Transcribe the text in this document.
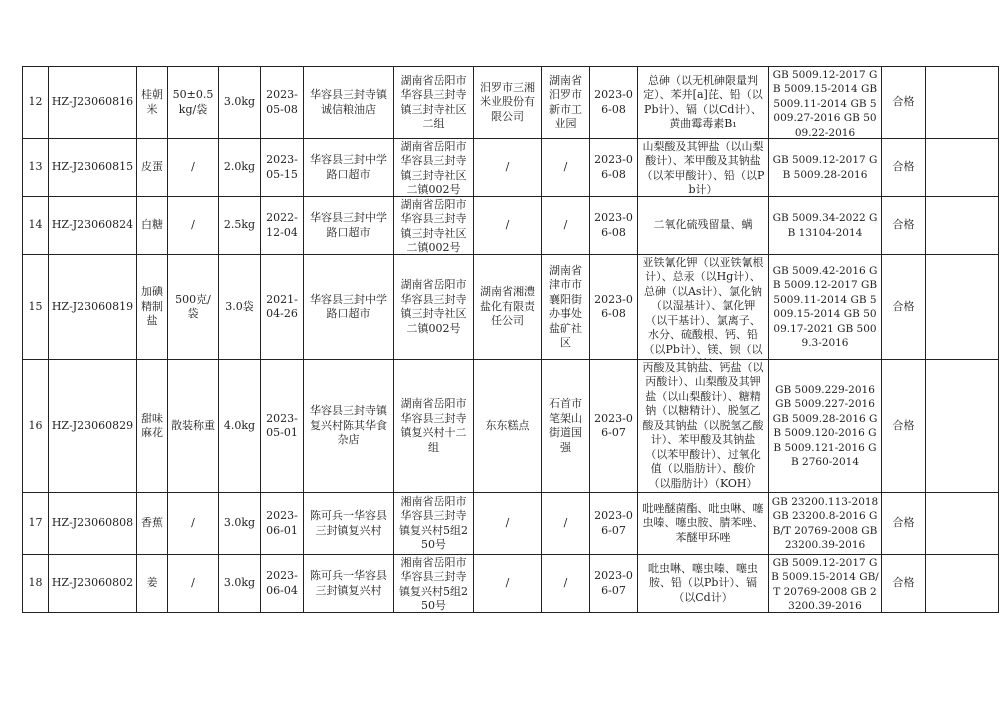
12	HZ-J23060816	桂朝米	50±0.5kg/袋	3.0kg	2023-05-08	华容县三封寺镇诚信粮油店	湖南省岳阳市华容县三封寺镇三封寺社区二组	汨罗市三湘米业股份有限公司	湖南省汨罗市新市工业园	2023-06-08	总砷（以无机砷限量判定）、苯并[a]芘、铅（以Pb计）、镉（以Cd计）、黄曲霉毒素B₁	GB 5009.12-2017 GB 5009.15-2014 GB 5009.11-2014 GB 5009.27-2016 GB 5009.22-2016	合格	

13	HZ-J23060815	皮蛋	/	2.0kg	2023-05-15	华容县三封中学路口超市	湖南省岳阳市华容县三封寺镇三封寺社区二镇002号	/	/	2023-06-08	山梨酸及其钾盐（以山梨酸计）、苯甲酸及其钠盐（以苯甲酸计）、铅（以Pb计）	GB 5009.12-2017 GB 5009.28-2016	合格	

14	HZ-J23060824	白糖	/	2.5kg	2022-12-04	华容县三封中学路口超市	湖南省岳阳市华容县三封寺镇三封寺社区二镇002号	/	/	2023-06-08	二氧化硫残留量、螨	GB 5009.34-2022 GB 13104-2014	合格	

15	HZ-J23060819	加碘精制盐	500克/袋	3.0袋	2021-04-26	华容县三封中学路口超市	湖南省岳阳市华容县三封寺镇三封寺社区二镇002号	湖南省湘澧盐化有限责任公司	湖南省津市市襄阳街办事处盐矿社区	2023-06-08	亚铁氰化钾（以亚铁氰根计）、总汞（以Hg计）、总砷（以As计）、氯化钠（以湿基计）、氯化钾（以干基计）、氯离子、水分、硫酸根、钙、铅（以Pb计）、镁、钡（以	GB 5009.42-2016 GB 5009.12-2017 GB 5009.11-2014 GB 5009.15-2014 GB 5009.17-2021 GB 5009.3-2016	合格	

16	HZ-J23060829	甜味麻花	散装称重	4.0kg	2023-05-01	华容县三封寺镇复兴村陈其华食杂店	湖南省岳阳市华容县三封寺镇复兴村十二组	东东糕点	石首市笔架山街道国强	2023-06-07	丙酸及其钠盐、钙盐（以丙酸计）、山梨酸及其钾盐（以山梨酸计）、糖精钠（以糖精计）、脱氢乙酸及其钠盐（以脱氢乙酸计）、苯甲酸及其钠盐（以苯甲酸计）、过氧化值（以脂肪计）、酸价（以脂肪计）（KOH）	GB 5009.229-2016 GB 5009.227-2016 GB 5009.28-2016 GB 5009.120-2016 GB 5009.121-2016 GB 2760-2014	合格	

17	HZ-J23060808	香蕉	/	3.0kg	2023-06-01	陈可兵一华容县三封镇复兴村	湘南省岳阳市华容县三封寺镇复兴村5组250号	/	/	2023-06-07	吡唑醚菌酯、吡虫啉、噻虫嗪、噻虫胺、腈苯唑、苯醚甲环唑	GB 23200.113-2018 GB 23200.8-2016 GB/T 20769-2008 GB 23200.39-2016	合格	

18	HZ-J23060802	姜	/	3.0kg	2023-06-04	陈可兵一华容县三封镇复兴村	湘南省岳阳市华容县三封寺镇复兴村5组250号	/	/	2023-06-07	吡虫啉、噻虫嗪、噻虫胺、铅（以Pb计）、镉（以Cd计）	GB 5009.12-2017 GB 5009.15-2014 GB/T 20769-2008 GB 23200.39-2016	合格	
